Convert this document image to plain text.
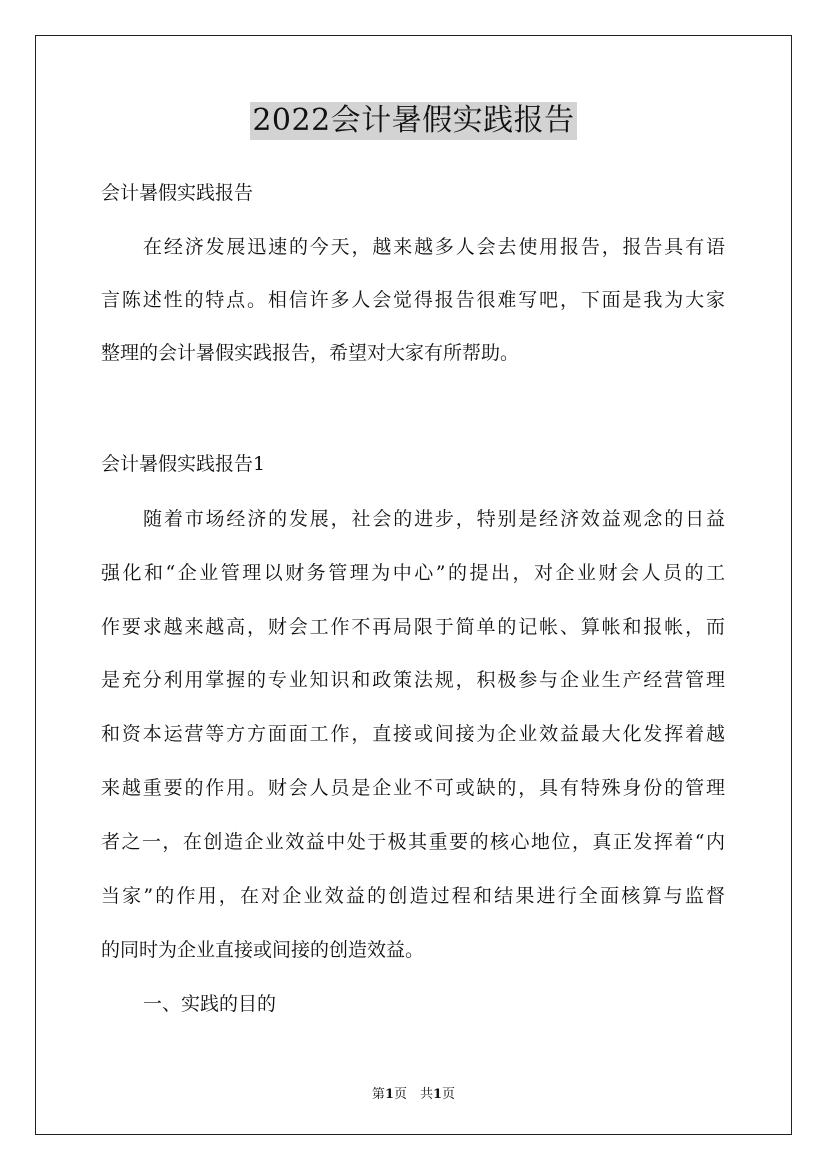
2022会计暑假实践报告
会计暑假实践报告
在经济发展迅速的今天，越来越多人会去使用报告，报告具有语
言陈述性的特点。相信许多人会觉得报告很难写吧，下面是我为大家
整理的会计暑假实践报告，希望对大家有所帮助。
会计暑假实践报告1
随着市场经济的发展，社会的进步，特别是经济效益观念的日益
强化和“企业管理以财务管理为中心”的提出，对企业财会人员的工
作要求越来越高，财会工作不再局限于简单的记帐、算帐和报帐，而
是充分利用掌握的专业知识和政策法规，积极参与企业生产经营管理
和资本运营等方方面面工作，直接或间接为企业效益最大化发挥着越
来越重要的作用。财会人员是企业不可或缺的，具有特殊身份的管理
者之一，在创造企业效益中处于极其重要的核心地位，真正发挥着“内
当家”的作用，在对企业效益的创造过程和结果进行全面核算与监督
的同时为企业直接或间接的创造效益。
一、实践的目的
第1页　共1页
